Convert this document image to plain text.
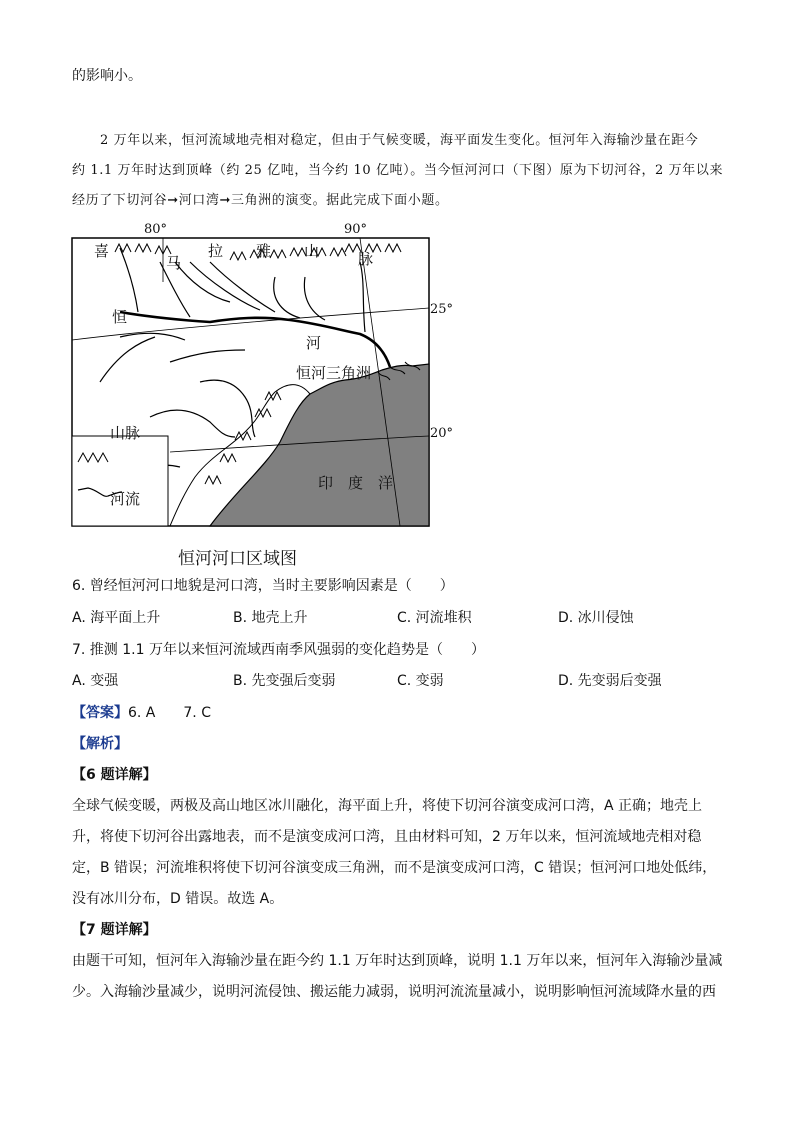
的影响小。
2 万年以来，恒河流域地壳相对稳定，但由于气候变暖，海平面发生变化。恒河年入海输沙量在距今
约 1.1 万年时达到顶峰（约 25 亿吨，当今约 10 亿吨）。当今恒河河口（下图）原为下切河谷，2 万年以来
经历了下切河谷➞河口湾➞三角洲的演变。据此完成下面小题。
80°	90°
25°
20°
喜
马
拉 雅 山	脉
恒
河
恒河三角洲
印　度　洋
山脉
河流
恒河河口区域图
6. 曾经恒河河口地貌是河口湾，当时主要影响因素是（　　）
A. 海平面上升	B. 地壳上升	C. 河流堆积	D. 冰川侵蚀
7. 推测 1.1 万年以来恒河流域西南季风强弱的变化趋势是（　　）
A. 变强	B. 先变强后变弱	C. 变弱	D. 先变弱后变强
【答案】6. A　　7. C
【解析】
【6 题详解】
全球气候变暖，两极及高山地区冰川融化，海平面上升，将使下切河谷演变成河口湾，A 正确；地壳上
升，将使下切河谷出露地表，而不是演变成河口湾，且由材料可知，2 万年以来，恒河流域地壳相对稳
定，B 错误；河流堆积将使下切河谷演变成三角洲，而不是演变成河口湾，C 错误；恒河河口地处低纬，
没有冰川分布，D 错误。故选 A。
【7 题详解】
由题干可知，恒河年入海输沙量在距今约 1.1 万年时达到顶峰，说明 1.1 万年以来，恒河年入海输沙量减
少。入海输沙量减少，说明河流侵蚀、搬运能力减弱，说明河流流量减小，说明影响恒河流域降水量的西
